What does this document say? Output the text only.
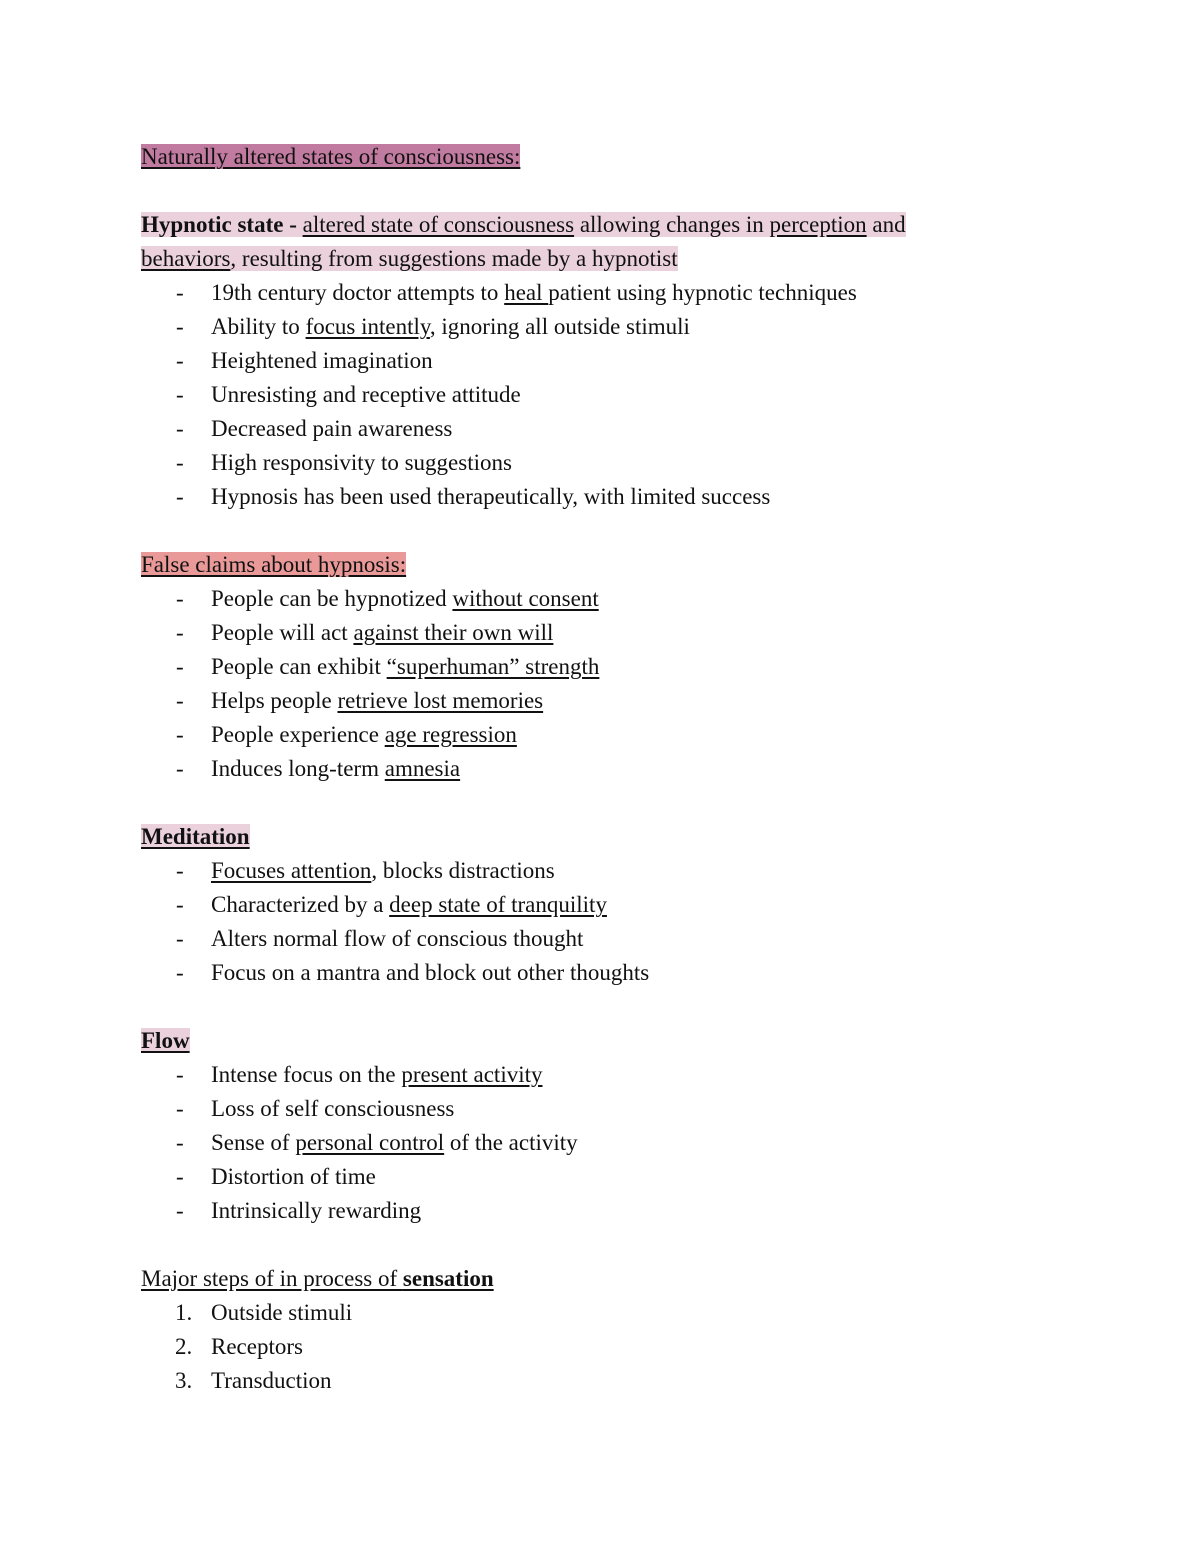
Naturally altered states of consciousness:
Hypnotic state - altered state of consciousness allowing changes in perception and
behaviors, resulting from suggestions made by a hypnotist
- 19th century doctor attempts to heal patient using hypnotic techniques
- Ability to focus intently, ignoring all outside stimuli
- Heightened imagination
- Unresisting and receptive attitude
- Decreased pain awareness
- High responsivity to suggestions
- Hypnosis has been used therapeutically, with limited success
False claims about hypnosis:
- People can be hypnotized without consent
- People will act against their own will
- People can exhibit “superhuman” strength
- Helps people retrieve lost memories
- People experience age regression
- Induces long-term amnesia
Meditation
- Focuses attention, blocks distractions
- Characterized by a deep state of tranquility
- Alters normal flow of conscious thought
- Focus on a mantra and block out other thoughts
Flow
- Intense focus on the present activity
- Loss of self consciousness
- Sense of personal control of the activity
- Distortion of time
- Intrinsically rewarding
Major steps of in process of sensation
1. Outside stimuli
2. Receptors
3. Transduction
